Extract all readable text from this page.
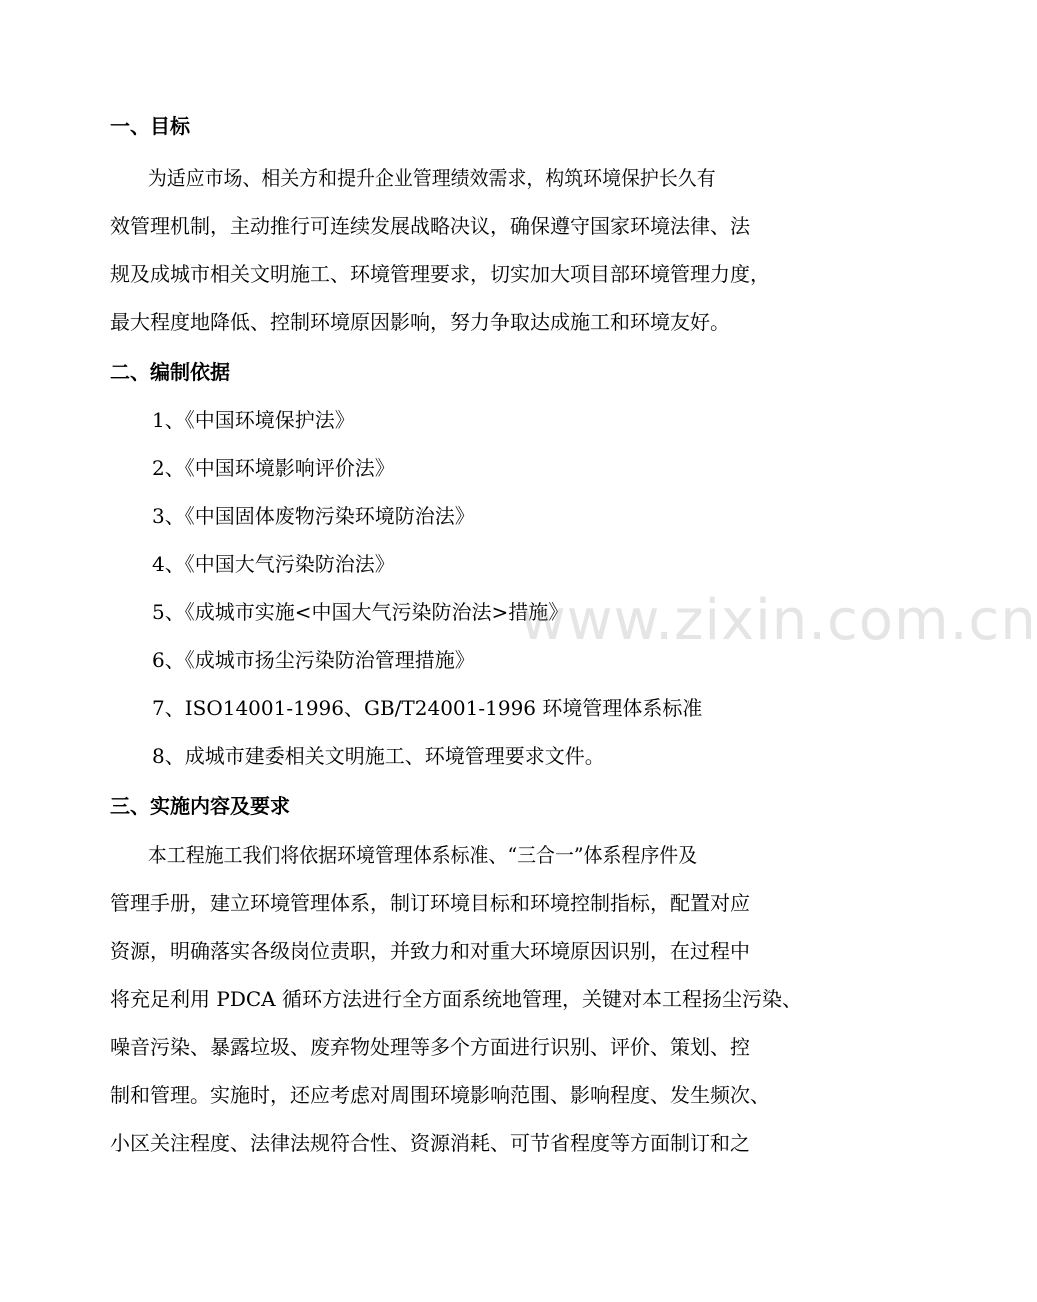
一、目标
为适应市场、相关方和提升企业管理绩效需求，构筑环境保护长久有
效管理机制，主动推行可连续发展战略决议，确保遵守国家环境法律、法
规及成城市相关文明施工、环境管理要求，切实加大项目部环境管理力度，
最大程度地降低、控制环境原因影响，努力争取达成施工和环境友好。
二、编制依据
1、《中国环境保护法》
2、《中国环境影响评价法》
3、《中国固体废物污染环境防治法》
4、《中国大气污染防治法》
5、《成城市实施<中国大气污染防治法>措施》
6、《成城市扬尘污染防治管理措施》
7、ISO14001-1996、GB/T24001-1996 环境管理体系标准
8、成城市建委相关文明施工、环境管理要求文件。
三、实施内容及要求
本工程施工我们将依据环境管理体系标准、“三合一”体系程序件及
管理手册，建立环境管理体系，制订环境目标和环境控制指标，配置对应
资源，明确落实各级岗位责职，并致力和对重大环境原因识别，在过程中
将充足利用 PDCA 循环方法进行全方面系统地管理，关键对本工程扬尘污染、
噪音污染、暴露垃圾、废弃物处理等多个方面进行识别、评价、策划、控
制和管理。实施时，还应考虑对周围环境影响范围、影响程度、发生频次、
小区关注程度、法律法规符合性、资源消耗、可节省程度等方面制订和之
www.zixin.com.cn
